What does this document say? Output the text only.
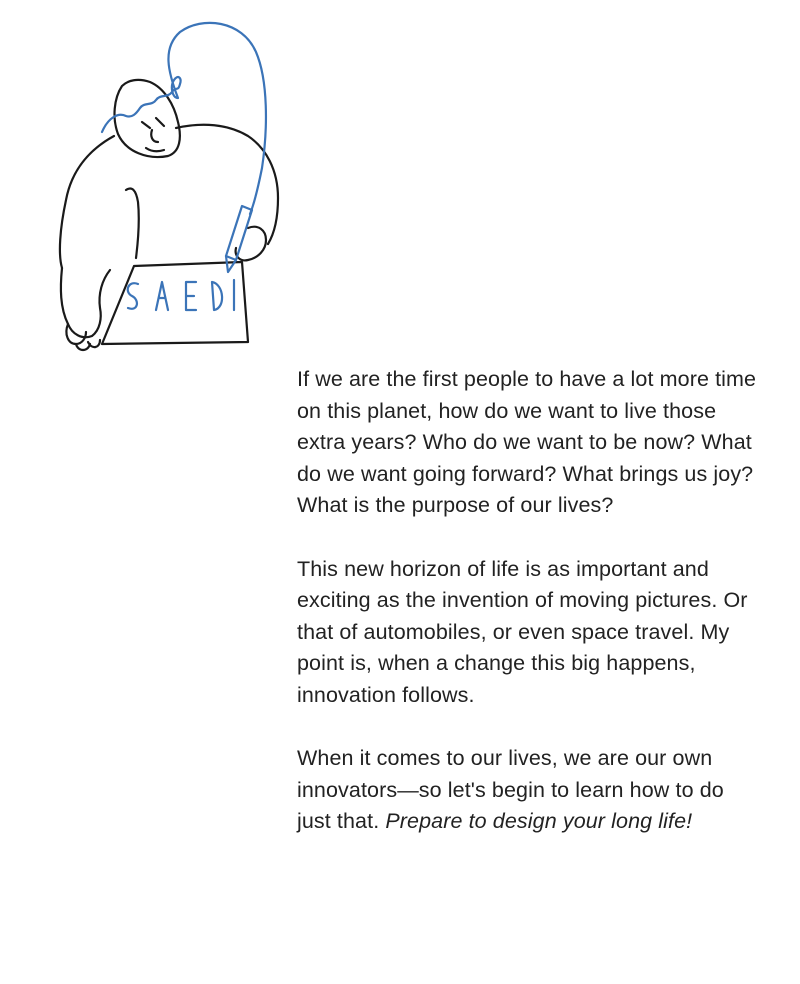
If we are the first people to have a lot more time on this planet, how do we want to live those extra years? Who do we want to be now? What do we want going forward? What brings us joy? What is the purpose of our lives?

This new horizon of life is as important and exciting as the invention of moving pictures. Or that of automobiles, or even space travel. My point is, when a change this big happens, innovation follows.

When it comes to our lives, we are our own innovators—so let's begin to learn how to do just that. Prepare to design your long life!
